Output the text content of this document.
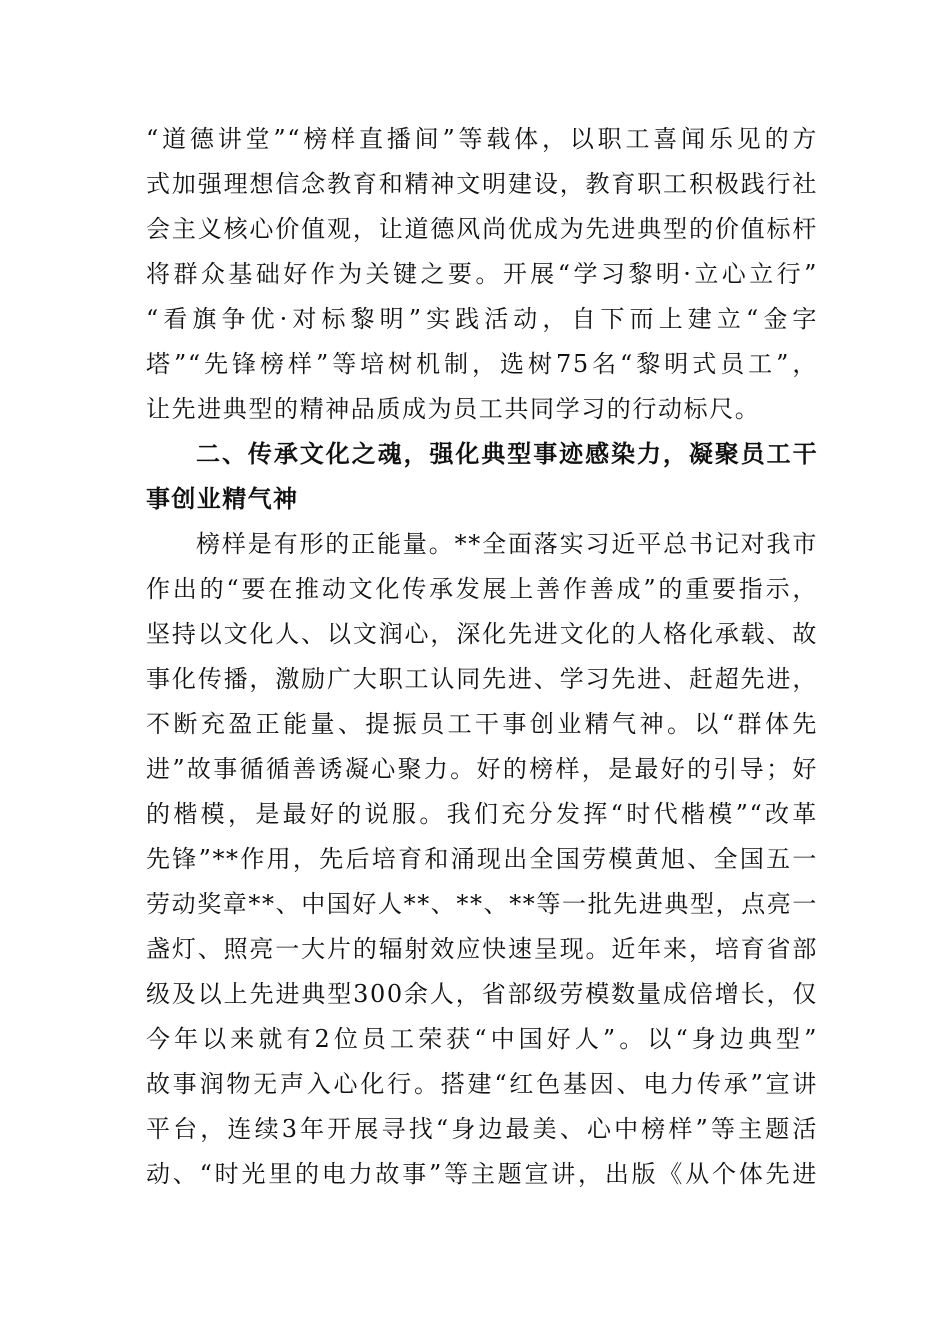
“道德讲堂”“榜样直播间”等载体，以职工喜闻乐见的方
式加强理想信念教育和精神文明建设，教育职工积极践行社
会主义核心价值观，让道德风尚优成为先进典型的价值标杆
将群众基础好作为关键之要。开展“学习黎明·立心立行”
“看旗争优·对标黎明”实践活动，自下而上建立“金字
塔”“先锋榜样”等培树机制，选树75名“黎明式员工”，
让先进典型的精神品质成为员工共同学习的行动标尺。
二、传承文化之魂，强化典型事迹感染力，凝聚员工干
事创业精气神
榜样是有形的正能量。**全面落实习近平总书记对我市
作出的“要在推动文化传承发展上善作善成”的重要指示，
坚持以文化人、以文润心，深化先进文化的人格化承载、故
事化传播，激励广大职工认同先进、学习先进、赶超先进，
不断充盈正能量、提振员工干事创业精气神。以“群体先
进”故事循循善诱凝心聚力。好的榜样，是最好的引导；好
的楷模，是最好的说服。我们充分发挥“时代楷模”“改革
先锋”**作用，先后培育和涌现出全国劳模黄旭、全国五一
劳动奖章**、中国好人**、**、**等一批先进典型，点亮一
盏灯、照亮一大片的辐射效应快速呈现。近年来，培育省部
级及以上先进典型300余人，省部级劳模数量成倍增长，仅
今年以来就有2位员工荣获“中国好人”。以“身边典型”
故事润物无声入心化行。搭建“红色基因、电力传承”宣讲
平台，连续3年开展寻找“身边最美、心中榜样”等主题活
动、“时光里的电力故事”等主题宣讲，出版《从个体先进
